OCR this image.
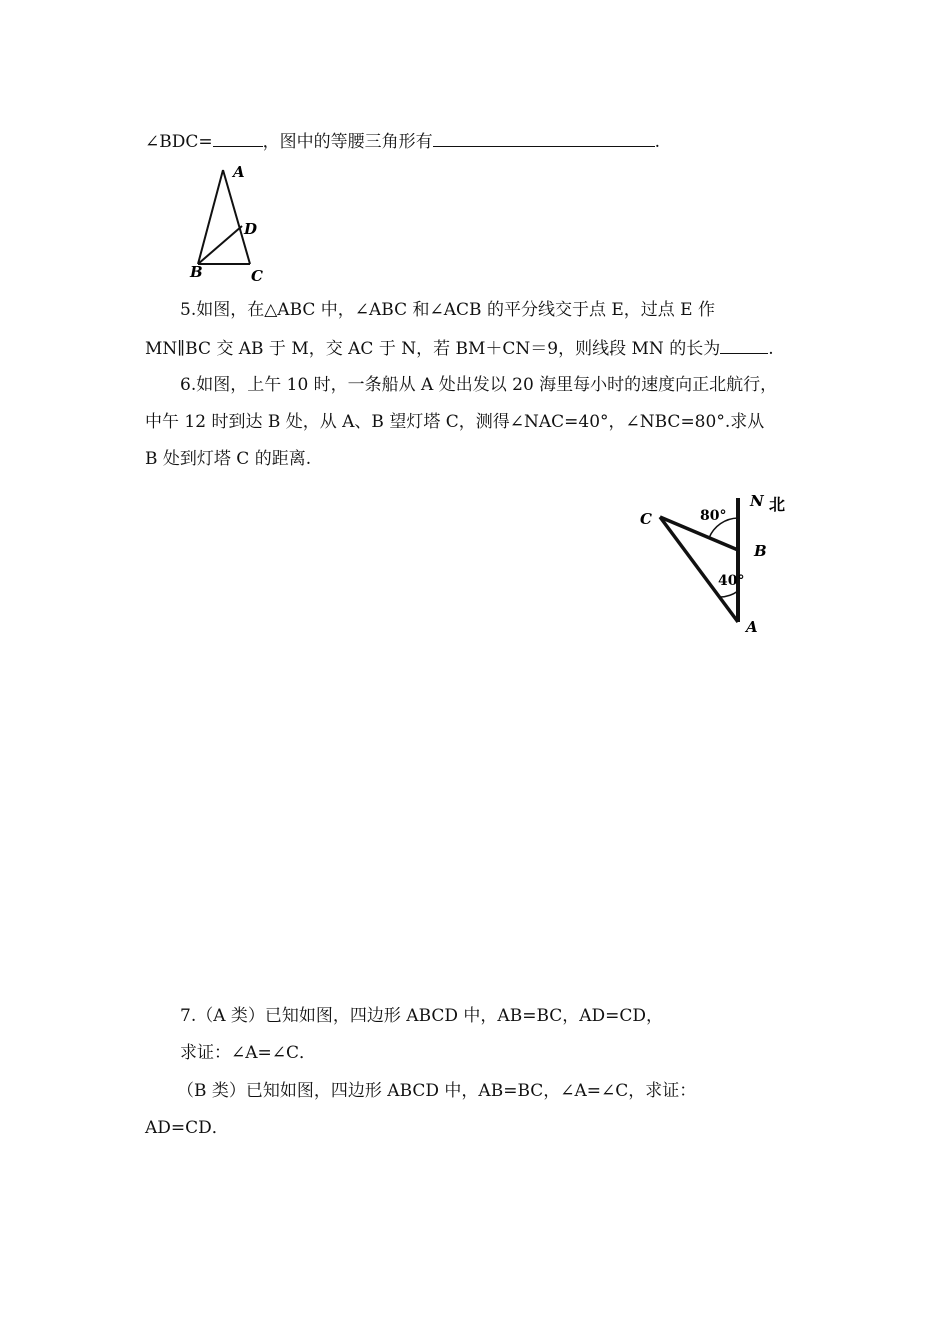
∠BDC=	，图中的等腰三角形有	.
A
D
B	C
5.如图，在△ABC 中，∠ABC 和∠ACB 的平分线交于点 E，过点 E 作
MN∥BC 交 AB 于 M，交 AC 于 N，若 BM＋CN＝9，则线段 MN 的长为	.
6.如图，上午 10 时，一条船从 A 处出发以 20 海里每小时的速度向正北航行，
中午 12 时到达 B 处，从 A、B 望灯塔 C，测得∠NAC=40°，∠NBC=80°.求从
B 处到灯塔 C 的距离.
C	80°
N 北
B
40°
A
7.（A 类）已知如图，四边形 ABCD 中，AB=BC，AD=CD，
求证：∠A=∠C．
（B 类）已知如图，四边形 ABCD 中，AB=BC，∠A=∠C，求证：
AD=CD．
